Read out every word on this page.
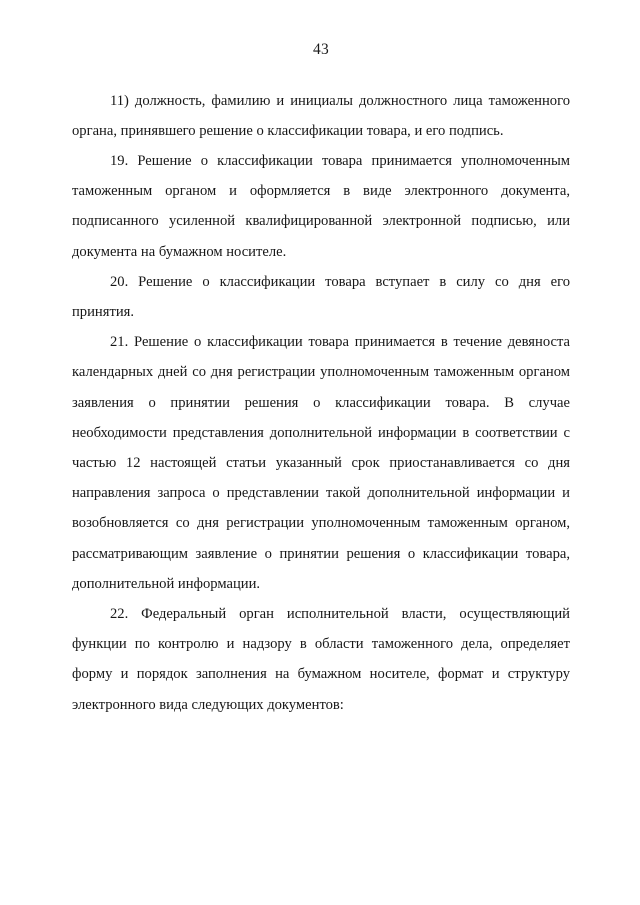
43

11) должность, фамилию и инициалы должностного лица таможенного органа, принявшего решение о классификации товара, и его подпись.

19. Решение о классификации товара принимается уполномоченным таможенным органом и оформляется в виде электронного документа, подписанного усиленной квалифицированной электронной подписью, или документа на бумажном носителе.

20. Решение о классификации товара вступает в силу со дня его принятия.

21. Решение о классификации товара принимается в течение девяноста календарных дней со дня регистрации уполномоченным таможенным органом заявления о принятии решения о классификации товара. В случае необходимости представления дополнительной информации в соответствии с частью 12 настоящей статьи указанный срок приостанавливается со дня направления запроса о представлении такой дополнительной информации и возобновляется со дня регистрации уполномоченным таможенным органом, рассматривающим заявление о принятии решения о классификации товара, дополнительной информации.

22. Федеральный орган исполнительной власти, осуществляющий функции по контролю и надзору в области таможенного дела, определяет форму и порядок заполнения на бумажном носителе, формат и структуру электронного вида следующих документов:
